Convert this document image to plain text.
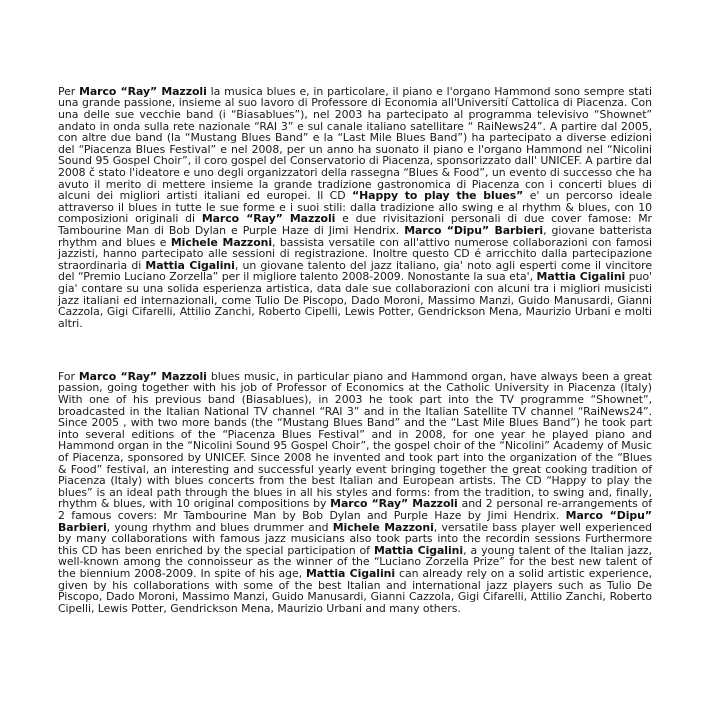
Per Marco “Ray” Mazzoli la musica blues e, in particolare, il piano e l'organo Hammond sono sempre stati una grande passione, insieme al suo lavoro di Professore di Economia all'Universití Cattolica di Piacenza. Con una delle sue vecchie band (i “Biasablues”), nel 2003 ha partecipato al programma televisivo “Shownet” andato in onda sulla rete nazionale “RAI 3” e sul canale italiano satellitare “ RaiNews24”. A partire dal 2005, con altre due band (la “Mustang Blues Band” e la “Last Mile Blues Band”) ha partecipato a diverse edizioni del “Piacenza Blues Festival” e nel 2008, per un anno ha suonato il piano e l'organo Hammond nel “Nicolini Sound 95 Gospel Choir”, il coro gospel del Conservatorio di Piacenza, sponsorizzato dall' UNICEF. A partire dal 2008 č stato l'ideatore e uno degli organizzatori della rassegna “Blues & Food”, un evento di successo che ha avuto il merito di mettere insieme la grande tradizione gastronomica di Piacenza con i concerti blues di alcuni dei migliori artisti italiani ed europei. Il CD “Happy to play the blues” e' un percorso ideale attraverso il blues in tutte le sue forme e i suoi stili: dalla tradizione allo swing e al rhythm & blues, con 10 composizioni originali di Marco “Ray” Mazzoli e due rivisitazioni personali di due cover famose: Mr Tambourine Man di Bob Dylan e Purple Haze di Jimi Hendrix. Marco “Dipu” Barbieri, giovane batterista rhythm and blues e Michele Mazzoni, bassista versatile con all'attivo numerose collaborazioni con famosi jazzisti, hanno partecipato alle sessioni di registrazione. Inoltre questo CD é arricchito dalla partecipazione straordinaria di Mattia Cigalini, un giovane talento del jazz italiano, gia' noto agli esperti come il vincitore del “Premio Luciano Zorzella” per il migliore talento 2008-2009. Nonostante la sua eta', Mattia Cigalini puo' gia' contare su una solida esperienza artistica, data dale sue collaborazioni con alcuni tra i migliori musicisti jazz italiani ed internazionali, come Tulio De Piscopo, Dado Moroni, Massimo Manzi, Guido Manusardi, Gianni Cazzola, Gigi Cifarelli, Attilio Zanchi, Roberto Cipelli, Lewis Potter, Gendrickson Mena, Maurizio Urbani e molti altri.

For Marco “Ray” Mazzoli blues music, in particular piano and Hammond organ, have always been a great passion, going together with his job of Professor of Economics at the Catholic University in Piacenza (Italy) With one of his previous band (Biasablues), in 2003 he took part into the TV programme “Shownet”, broadcasted in the Italian National TV channel “RAI 3” and in the Italian Satellite TV channel “RaiNews24”. Since 2005 , with two more bands (the “Mustang Blues Band” and the “Last Mile Blues Band”) he took part into several editions of the “Piacenza Blues Festival” and in 2008, for one year he played piano and Hammond organ in the “Nicolini Sound 95 Gospel Choir”, the gospel choir of the “Nicolini” Academy of Music of Piacenza, sponsored by UNICEF. Since 2008 he invented and took part into the organization of the “Blues & Food” festival, an interesting and successful yearly event bringing together the great cooking tradition of Piacenza (Italy) with blues concerts from the best Italian and European artists. The CD “Happy to play the blues” is an ideal path through the blues in all his styles and forms: from the tradition, to swing and, finally, rhythm & blues, with 10 original compositions by Marco “Ray” Mazzoli and 2 personal re-arrangements of 2 famous covers: Mr Tambourine Man by Bob Dylan and Purple Haze by Jimi Hendrix. Marco “Dipu” Barbieri, young rhythm and blues drummer and Michele Mazzoni, versatile bass player well experienced by many collaborations with famous jazz musicians also took parts into the recordin sessions Furthermore this CD has been enriched by the special participation of Mattia Cigalini, a young talent of the Italian jazz, well-known among the connoisseur as the winner of the “Luciano Zorzella Prize” for the best new talent of the biennium 2008-2009. In spite of his age, Mattia Cigalini can already rely on a solid artistic experience, given by his collaborations with some of the best Italian and international jazz players such as Tulio De Piscopo, Dado Moroni, Massimo Manzi, Guido Manusardi, Gianni Cazzola, Gigi Cifarelli, Attilio Zanchi, Roberto Cipelli, Lewis Potter, Gendrickson Mena, Maurizio Urbani and many others.
